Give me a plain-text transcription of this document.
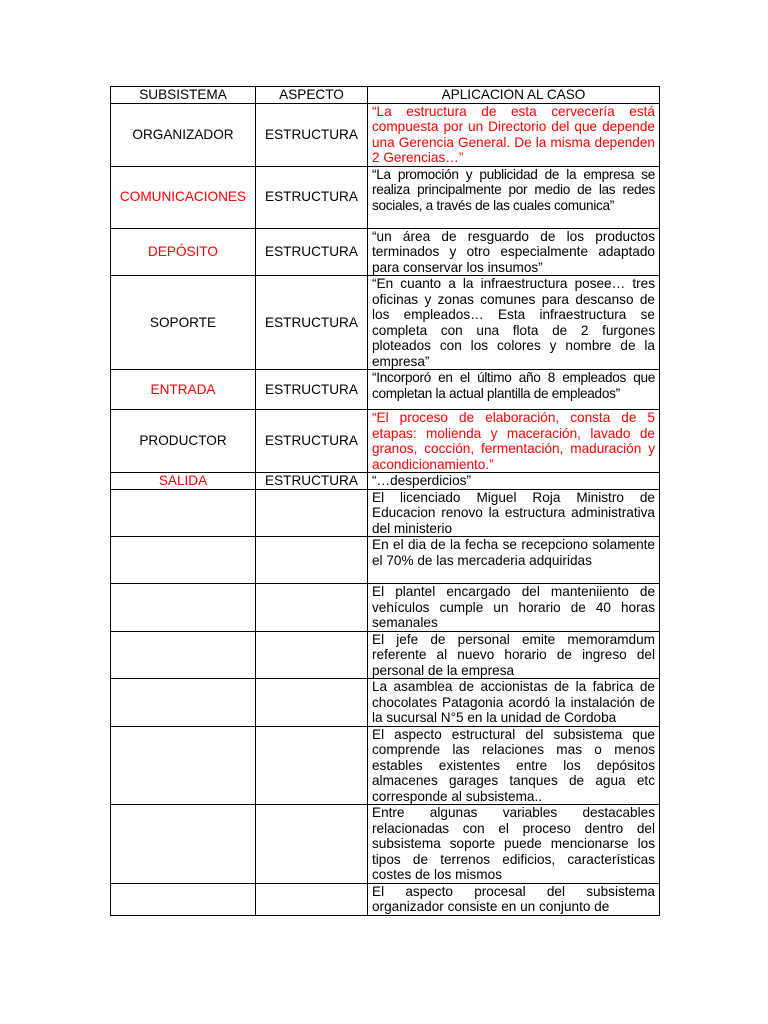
SUBSISTEMA	ASPECTO	APLICACION AL CASO
ORGANIZADOR	ESTRUCTURA	“La estructura de esta cervecería está compuesta por un Directorio del que depende una Gerencia General. De la misma dependen 2 Gerencias…”
COMUNICACIONES	ESTRUCTURA	“La promoción y publicidad de la empresa se realiza principalmente por medio de las redes sociales, a través de las cuales comunica”
DEPÓSITO	ESTRUCTURA	“un área de resguardo de los productos terminados y otro especialmente adaptado para conservar los insumos”
SOPORTE	ESTRUCTURA	“En cuanto a la infraestructura posee… tres oficinas y zonas comunes para descanso de los empleados… Esta infraestructura se completa con una flota de 2 furgones ploteados con los colores y nombre de la empresa”
ENTRADA	ESTRUCTURA	“Incorporó en el último año 8 empleados que completan la actual plantilla de empleados”
PRODUCTOR	ESTRUCTURA	“El proceso de elaboración, consta de 5 etapas: molienda y maceración, lavado de granos, cocción, fermentación, maduración y acondicionamiento.”
SALIDA	ESTRUCTURA	“…desperdicios”
		El licenciado Miguel Roja Ministro de Educacion renovo la estructura administrativa del ministerio
		En el dia de la fecha se recepciono solamente el 70% de las mercaderia adquiridas
		El plantel encargado del manteniiento de vehículos cumple un horario de 40 horas semanales
		El jefe de personal emite memoramdum referente al nuevo horario de ingreso del personal de la empresa
		La asamblea de accionistas de la fabrica de chocolates Patagonia acordó la instalación de la sucursal N°5 en la unidad de Cordoba
		El aspecto estructural del subsistema que comprende las relaciones mas o menos estables existentes entre los depósitos almacenes garages tanques de agua etc corresponde al subsistema..
		Entre algunas variables destacables relacionadas con el proceso dentro del subsistema soporte puede mencionarse los tipos de terrenos edificios, características costes de los mismos
		El aspecto procesal del subsistema organizador consiste en un conjunto de
